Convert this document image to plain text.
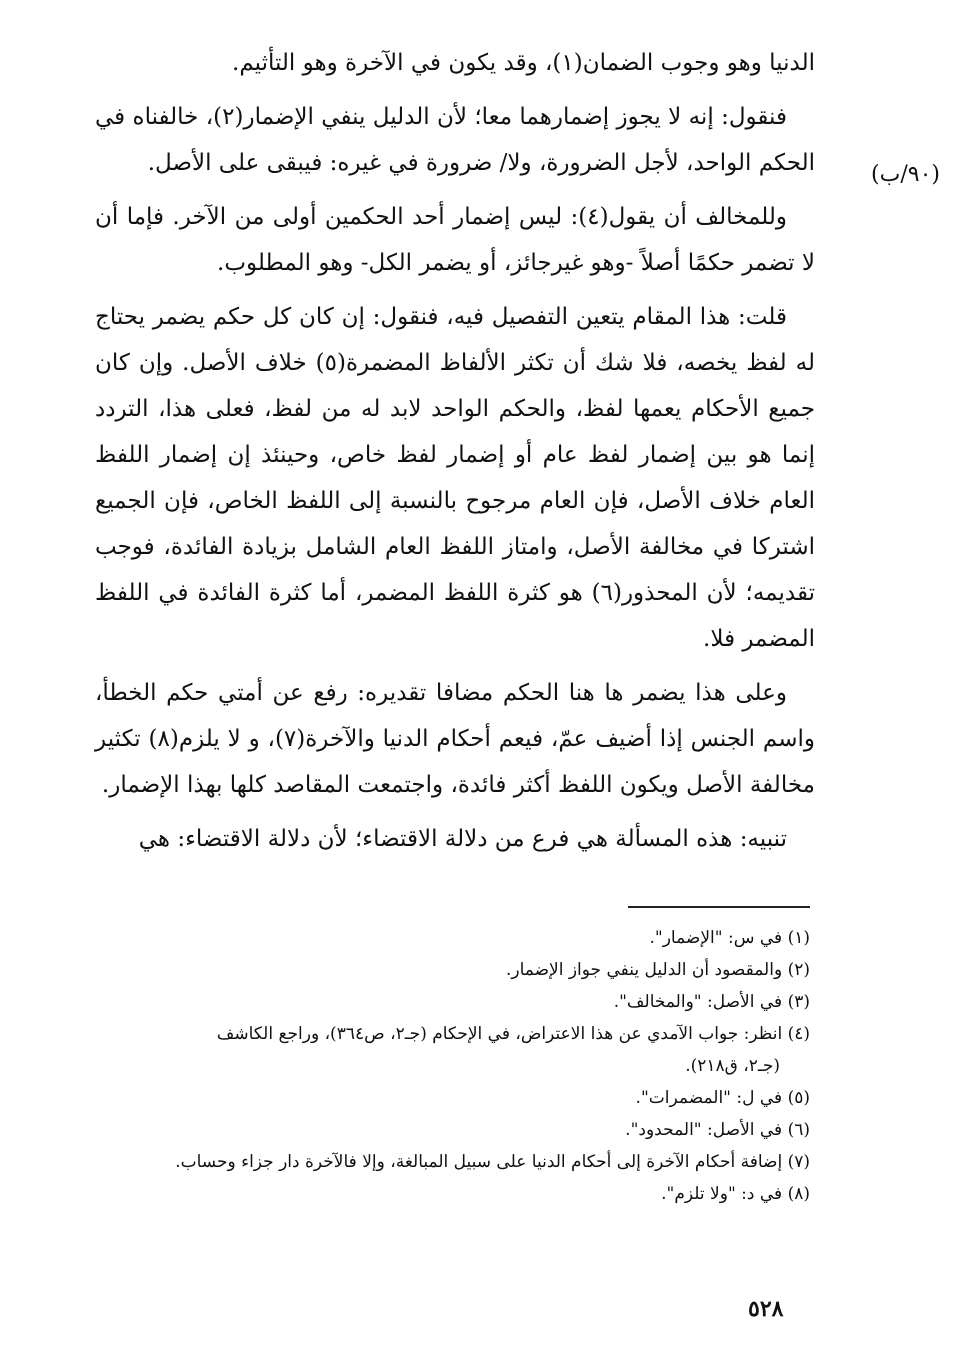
الدنيا وهو وجوب الضمان(١)، وقد يكون في الآخرة وهو التأثيم.

فنقول: إنه لا يجوز إضمارهما معا؛ لأن الدليل ينفي الإضمار(٢)، خالفناه في الحكم الواحد، لأجل الضرورة، ولا/ ضرورة في غيره: فيبقى على الأصل.

وللمخالف أن يقول(٤): ليس إضمار أحد الحكمين أولى من الآخر. فإما أن لا تضمر حكمًا أصلاً -وهو غيرجائز، أو يضمر الكل- وهو المطلوب.

قلت: هذا المقام يتعين التفصيل فيه، فنقول: إن كان كل حكم يضمر يحتاج له لفظ يخصه، فلا شك أن تكثر الألفاظ المضمرة(٥) خلاف الأصل. وإن كان جميع الأحكام يعمها لفظ، والحكم الواحد لابد له من لفظ، فعلى هذا، التردد إنما هو بين إضمار لفظ عام أو إضمار لفظ خاص، وحينئذ إن إضمار اللفظ العام خلاف الأصل، فإن العام مرجوح بالنسبة إلى اللفظ الخاص، فإن الجميع اشتركا في مخالفة الأصل، وامتاز اللفظ العام الشامل بزيادة الفائدة، فوجب تقديمه؛ لأن المحذور(٦) هو كثرة اللفظ المضمر، أما كثرة الفائدة في اللفظ المضمر فلا.

وعلى هذا يضمر ها هنا الحكم مضافا تقديره: رفع عن أمتي حكم الخطأ، واسم الجنس إذا أضيف عمّ، فيعم أحكام الدنيا والآخرة(٧)، و لا يلزم(٨) تكثير مخالفة الأصل ويكون اللفظ أكثر فائدة، واجتمعت المقاصد كلها بهذا الإضمار.

تنبيه: هذه المسألة هي فرع من دلالة الاقتضاء؛ لأن دلالة الاقتضاء: هي

(٩٠/ب)

(١) في س: "الإضمار".

(٢) والمقصود أن الدليل ينفي جواز الإضمار.

(٣) في الأصل: "والمخالف".

(٤) انظر: جواب الآمدي عن هذا الاعتراض، في الإحكام (جـ٢، ص٣٦٤)، وراجع الكاشف

(جـ٢، ق٢١٨).

(٥) في ل: "المضمرات".

(٦) في الأصل: "المحدود".

(٧) إضافة أحكام الآخرة إلى أحكام الدنيا على سبيل المبالغة، وإلا فالآخرة دار جزاء وحساب.

(٨) في د: "ولا تلزم".

٥٢٨
